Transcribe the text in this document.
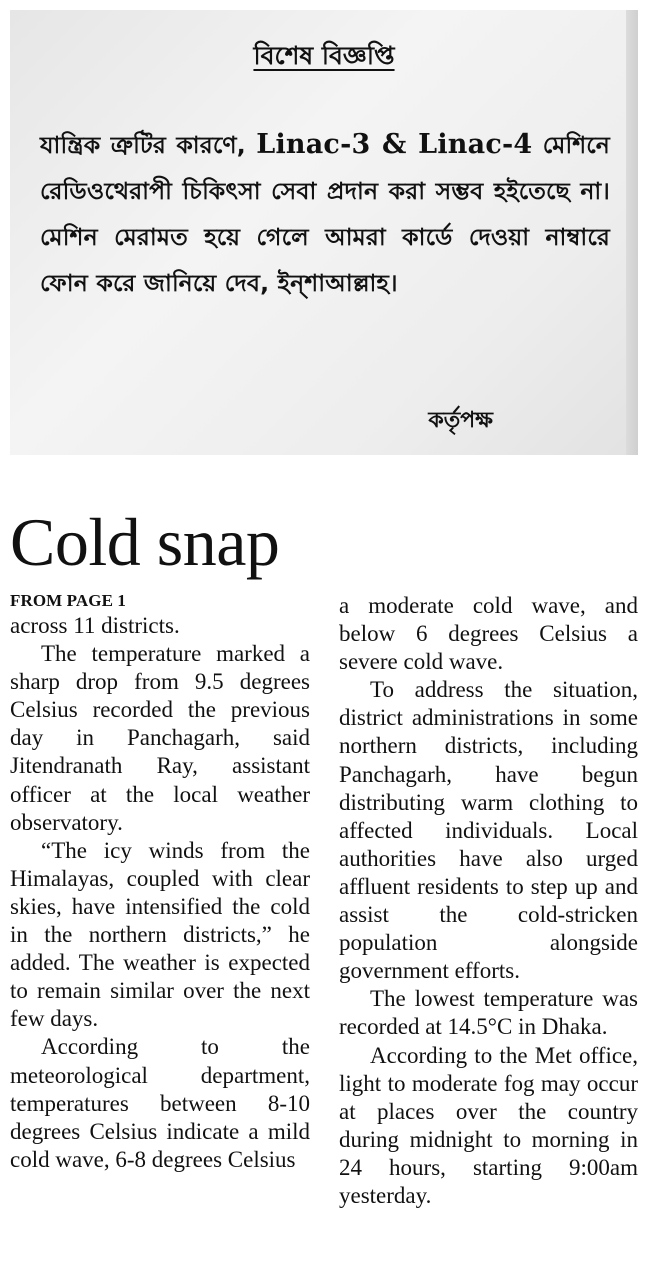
বিশেষ বিজ্ঞপ্তি
যান্ত্রিক ত্রুটির কারণে, Linac-3 & Linac-4 মেশিনে রেডিওথেরাপী চিকিৎসা সেবা প্রদান করা সম্ভব হইতেছে না। মেশিন মেরামত হয়ে গেলে আমরা কার্ডে দেওয়া নাম্বারে ফোন করে জানিয়ে দেব, ইন্‌শাআল্লাহ।
কর্তৃপক্ষ
Cold snap
FROM PAGE 1

across 11 districts.

The temperature marked a sharp drop from 9.5 degrees Celsius recorded the previous day in Panchagarh, said Jitendranath Ray, assistant officer at the local weather observatory.

“The icy winds from the Himalayas, coupled with clear skies, have intensified the cold in the northern districts,” he added. The weather is expected to remain similar over the next few days.

According to the meteorological department, temperatures between 8-10 degrees Celsius indicate a mild cold wave, 6-8 degrees Celsius

a moderate cold wave, and below 6 degrees Celsius a severe cold wave.

To address the situation, district administrations in some northern districts, including Panchagarh, have begun distributing warm clothing to affected individuals. Local authorities have also urged affluent residents to step up and assist the cold-stricken population alongside government efforts.

The lowest temperature was recorded at 14.5°C in Dhaka.

According to the Met office, light to moderate fog may occur at places over the country during midnight to morning in 24 hours, starting 9:00am yesterday.
